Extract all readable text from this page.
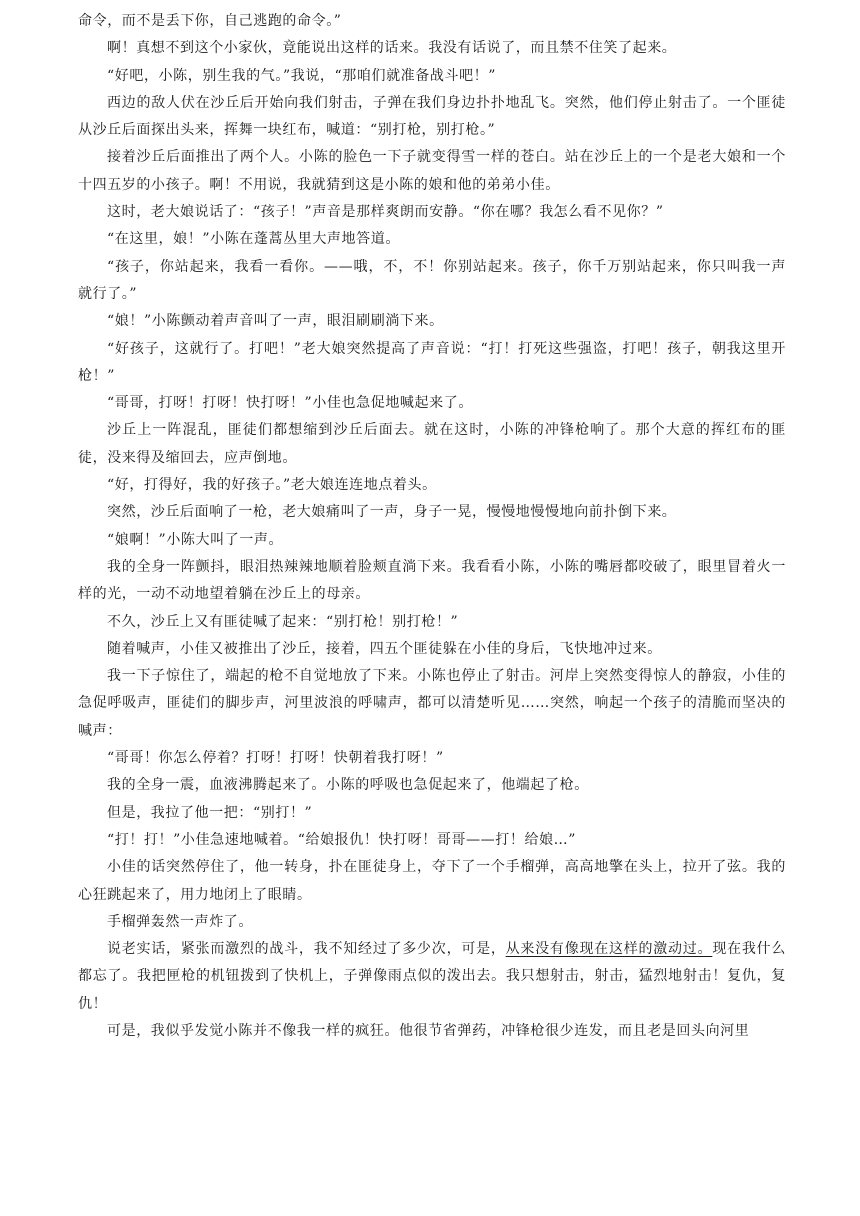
命令，而不是丢下你，自己逃跑的命令。”

啊！真想不到这个小家伙，竟能说出这样的话来。我没有话说了，而且禁不住笑了起来。

“好吧，小陈，别生我的气。”我说，“那咱们就准备战斗吧！”

西边的敌人伏在沙丘后开始向我们射击，子弹在我们身边扑扑地乱飞。突然，他们停止射击了。一个匪徒从沙丘后面探出头来，挥舞一块红布，喊道：“别打枪，别打枪。”

接着沙丘后面推出了两个人。小陈的脸色一下子就变得雪一样的苍白。站在沙丘上的一个是老大娘和一个十四五岁的小孩子。啊！不用说，我就猜到这是小陈的娘和他的弟弟小佳。

这时，老大娘说话了：“孩子！”声音是那样爽朗而安静。“你在哪？我怎么看不见你？”

“在这里，娘！”小陈在蓬蒿丛里大声地答道。

“孩子，你站起来，我看一看你。——哦，不，不！你别站起来。孩子，你千万别站起来，你只叫我一声就行了。”

“娘！”小陈颤动着声音叫了一声，眼泪刷刷淌下来。

“好孩子，这就行了。打吧！”老大娘突然提高了声音说：“打！打死这些强盗，打吧！孩子，朝我这里开枪！”

“哥哥，打呀！打呀！快打呀！”小佳也急促地喊起来了。

沙丘上一阵混乱，匪徒们都想缩到沙丘后面去。就在这时，小陈的冲锋枪响了。那个大意的挥红布的匪徒，没来得及缩回去，应声倒地。

“好，打得好，我的好孩子。”老大娘连连地点着头。

突然，沙丘后面响了一枪，老大娘痛叫了一声，身子一晃，慢慢地慢慢地向前扑倒下来。

“娘啊！”小陈大叫了一声。

我的全身一阵颤抖，眼泪热辣辣地顺着脸颊直淌下来。我看看小陈，小陈的嘴唇都咬破了，眼里冒着火一样的光，一动不动地望着躺在沙丘上的母亲。

不久，沙丘上又有匪徒喊了起来：“别打枪！别打枪！”

随着喊声，小佳又被推出了沙丘，接着，四五个匪徒躲在小佳的身后，飞快地冲过来。

我一下子惊住了，端起的枪不自觉地放了下来。小陈也停止了射击。河岸上突然变得惊人的静寂，小佳的急促呼吸声，匪徒们的脚步声，河里波浪的呼啸声，都可以清楚听见……突然，响起一个孩子的清脆而坚决的喊声：

“哥哥！你怎么停着？打呀！打呀！快朝着我打呀！”

我的全身一震，血液沸腾起来了。小陈的呼吸也急促起来了，他端起了枪。

但是，我拉了他一把：“别打！”

“打！打！”小佳急速地喊着。“给娘报仇！快打呀！哥哥——打！给娘…”

小佳的话突然停住了，他一转身，扑在匪徒身上，夺下了一个手榴弹，高高地擎在头上，拉开了弦。我的心狂跳起来了，用力地闭上了眼睛。

手榴弹轰然一声炸了。

说老实话，紧张而激烈的战斗，我不知经过了多少次，可是，从来没有像现在这样的激动过。现在我什么都忘了。我把匣枪的机钮拨到了快机上，子弹像雨点似的泼出去。我只想射击，射击，猛烈地射击！复仇，复仇！

可是，我似乎发觉小陈并不像我一样的疯狂。他很节省弹药，冲锋枪很少连发，而且老是回头向河里
